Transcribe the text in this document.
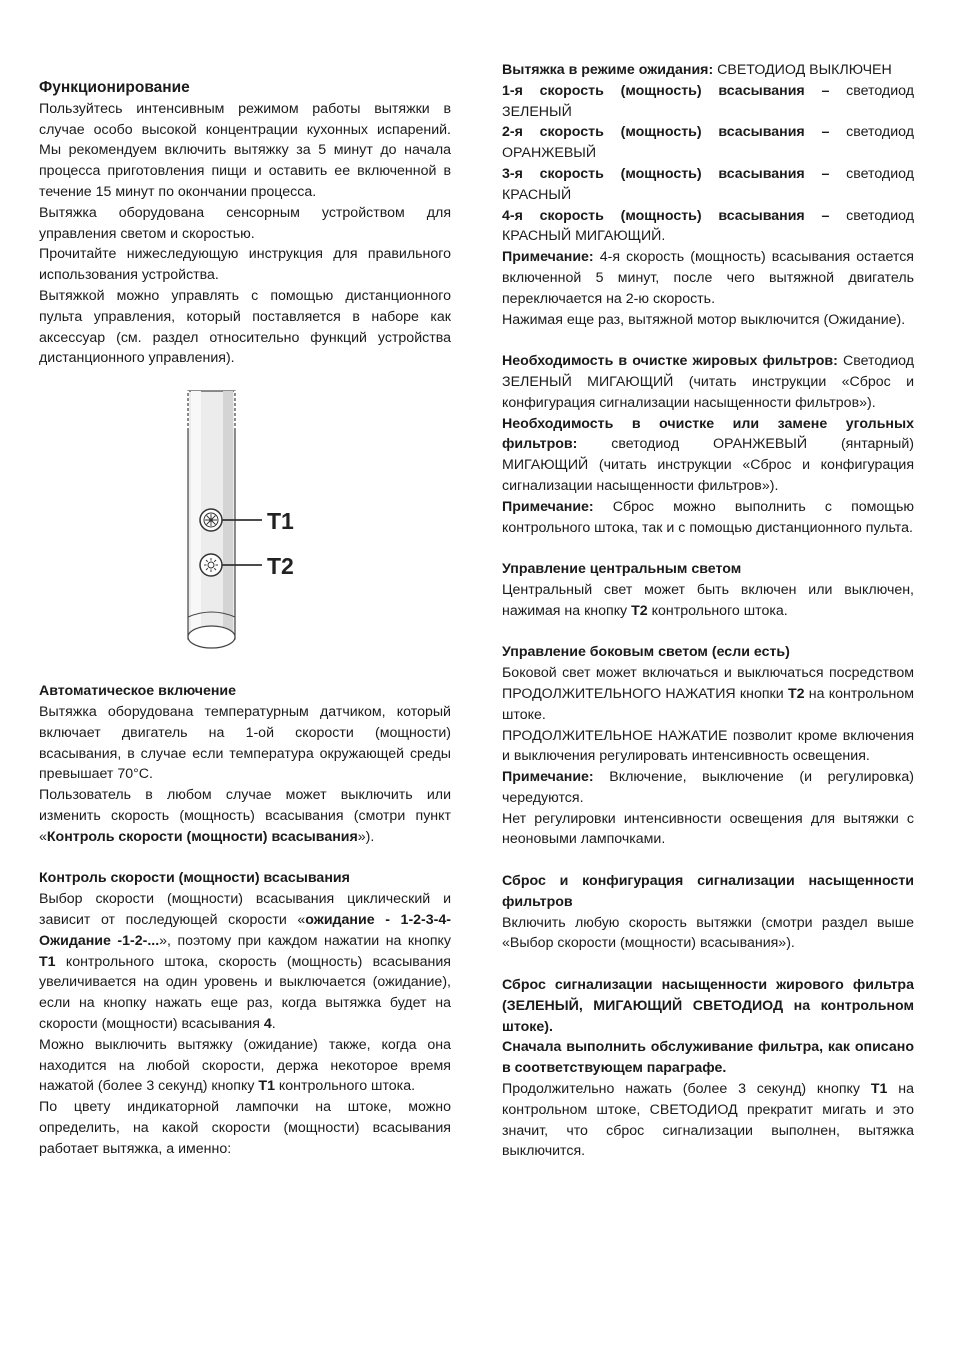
Функционирование

Пользуйтесь интенсивным режимом работы вытяжки в случае особо высокой концентрации кухонных испарений. Мы рекомендуем включить вытяжку за 5 минут до начала процесса приготовления пищи и оставить ее включенной в течение 15 минут по окончании процесса.

Вытяжка оборудована сенсорным устройством для управления светом и скоростью.

Прочитайте нижеследующую инструкция для правильного использования устройства.

Вытяжкой можно управлять с помощью дистанционного пульта управления, который поставляется в наборе как аксессуар (см. раздел относительно функций устройства дистанционного управления).

T1
T2

Автоматическое включение

Вытяжка оборудована температурным датчиком, который включает двигатель на 1-ой скорости (мощности) всасывания, в случае если температура окружающей среды превышает 70°C.

Пользователь в любом случае может выключить или изменить скорость (мощность) всасывания (смотри пункт «Контроль скорости (мощности) всасывания»).

Контроль скорости (мощности) всасывания

Выбор скорости (мощности) всасывания циклический и зависит от последующей скорости «ожидание - 1-2-3-4-Ожидание -1-2-...», поэтому при каждом нажатии на кнопку T1 контрольного штока, скорость (мощность) всасывания увеличивается на один уровень и выключается (ожидание), если на кнопку нажать еще раз, когда вытяжка будет на скорости (мощности) всасывания 4.

Можно выключить вытяжку (ожидание) также, когда она находится на любой скорости, держа некоторое время нажатой (более 3 секунд) кнопку T1 контрольного штока.

По цвету индикаторной лампочки на штоке, можно определить, на какой скорости (мощности) всасывания работает вытяжка, а именно:

Вытяжка в режиме ожидания: СВЕТОДИОД ВЫКЛЮЧЕН

1-я скорость (мощность) всасывания – светодиод ЗЕЛЕНЫЙ

2-я скорость (мощность) всасывания – светодиод ОРАНЖЕВЫЙ

3-я скорость (мощность) всасывания – светодиод КРАСНЫЙ

4-я скорость (мощность) всасывания – светодиод КРАСНЫЙ МИГАЮЩИЙ.

Примечание: 4-я скорость (мощность) всасывания остается включенной 5 минут, после чего вытяжной двигатель переключается на 2-ю скорость.

Нажимая еще раз, вытяжной мотор выключится (Ожидание).

Необходимость в очистке жировых фильтров: Светодиод ЗЕЛЕНЫЙ МИГАЮЩИЙ (читать инструкции «Сброс и конфигурация сигнализации насыщенности фильтров»).

Необходимость в очистке или замене угольных фильтров: светодиод ОРАНЖЕВЫЙ (янтарный) МИГАЮЩИЙ (читать инструкции «Сброс и конфигурация сигнализации насыщенности фильтров»).

Примечание: Сброс можно выполнить с помощью контрольного штока, так и с помощью дистанционного пульта.

Управление центральным светом

Центральный свет может быть включен или выключен, нажимая на кнопку T2 контрольного штока.

Управление боковым светом (если есть)

Боковой свет может включаться и выключаться посредством ПРОДОЛЖИТЕЛЬНОГО НАЖАТИЯ кнопки T2 на контрольном штоке.

ПРОДОЛЖИТЕЛЬНОЕ НАЖАТИЕ позволит кроме включения и выключения регулировать интенсивность освещения.

Примечание: Включение, выключение (и регулировка) чередуются.

Нет регулировки интенсивности освещения для вытяжки с неоновыми лампочками.

Сброс и конфигурация сигнализации насыщенности фильтров

Включить любую скорость вытяжки (смотри раздел выше «Выбор скорости (мощности) всасывания»).

Сброс сигнализации насыщенности жирового фильтра (ЗЕЛЕНЫЙ, МИГАЮЩИЙ СВЕТОДИОД на контрольном штоке).

Сначала выполнить обслуживание фильтра, как описано в соответствующем параграфе.

Продолжительно нажать (более 3 секунд) кнопку T1 на контрольном штоке, СВЕТОДИОД прекратит мигать и это значит, что сброс сигнализации выполнен, вытяжка выключится.
